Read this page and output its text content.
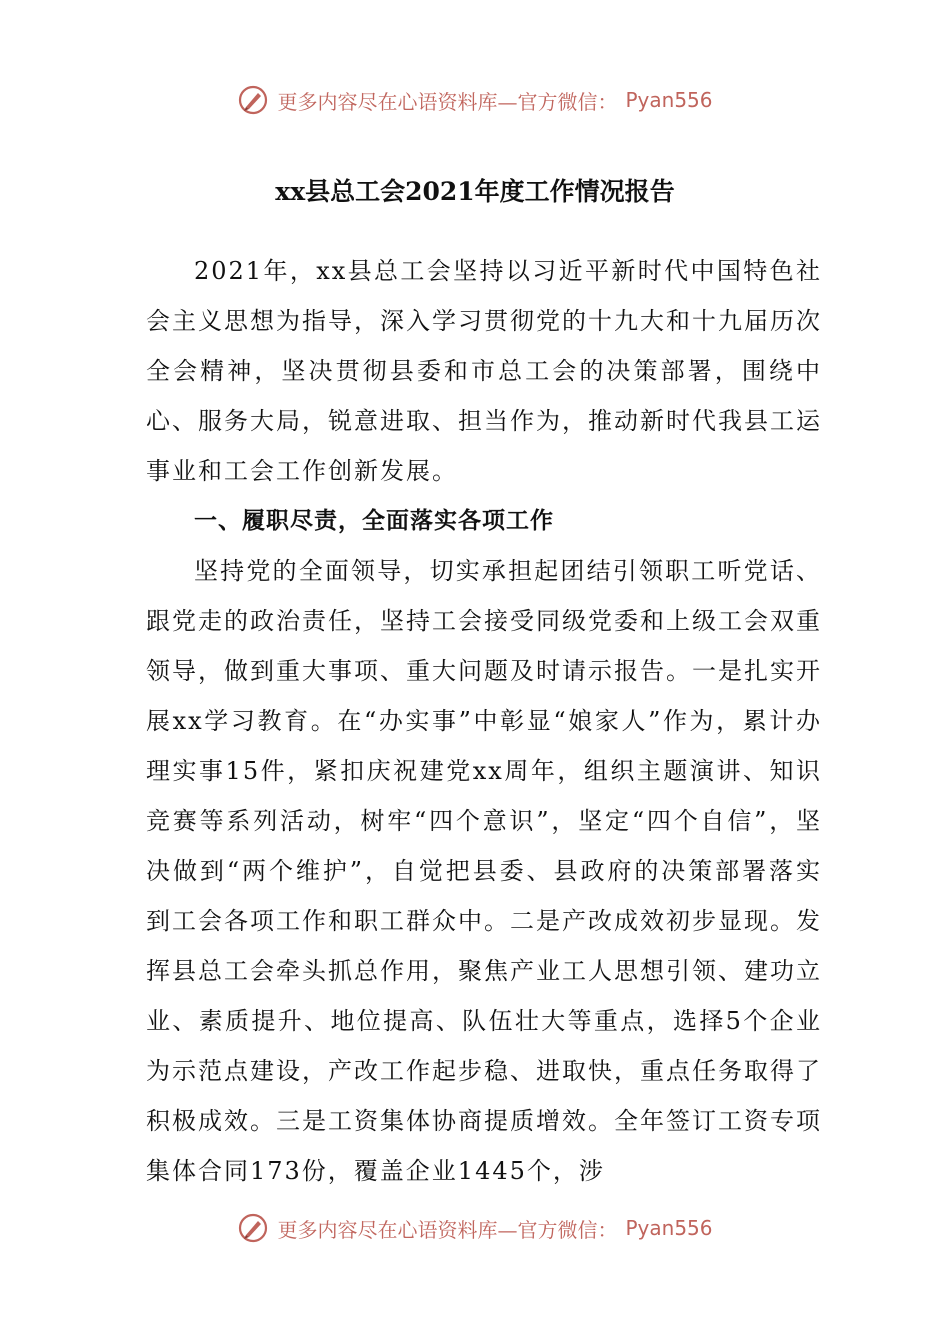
更多内容尽在心语资料库—官方微信： Pyan556
xx县总工会2021年度工作情况报告

2021年，xx县总工会坚持以习近平新时代中国特色社会主义思想为指导，深入学习贯彻党的十九大和十九届历次全会精神，坚决贯彻县委和市总工会的决策部署，围绕中心、服务大局，锐意进取、担当作为，推动新时代我县工运事业和工会工作创新发展。

一、履职尽责，全面落实各项工作

坚持党的全面领导，切实承担起团结引领职工听党话、跟党走的政治责任，坚持工会接受同级党委和上级工会双重领导，做到重大事项、重大问题及时请示报告。一是扎实开展xx学习教育。在“办实事”中彰显“娘家人”作为，累计办理实事15件，紧扣庆祝建党xx周年，组织主题演讲、知识竞赛等系列活动，树牢“四个意识”，坚定“四个自信”，坚决做到“两个维护”，自觉把县委、县政府的决策部署落实到工会各项工作和职工群众中。二是产改成效初步显现。发挥县总工会牵头抓总作用，聚焦产业工人思想引领、建功立业、素质提升、地位提高、队伍壮大等重点，选择5个企业为示范点建设，产改工作起步稳、进取快，重点任务取得了积极成效。三是工资集体协商提质增效。全年签订工资专项集体合同173份，覆盖企业1445个，涉

更多内容尽在心语资料库—官方微信： Pyan556
